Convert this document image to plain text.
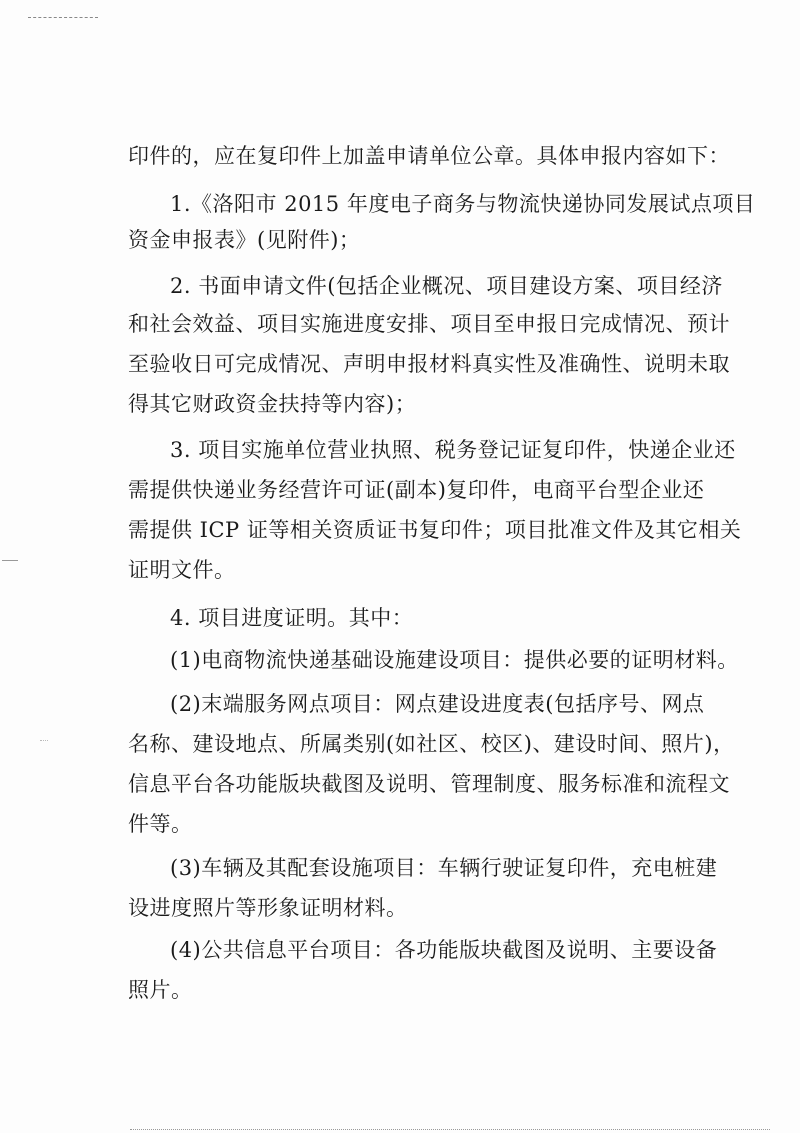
印件的，应在复印件上加盖申请单位公章。具体申报内容如下：

1.《洛阳市 2015 年度电子商务与物流快递协同发展试点项目

资金申报表》(见附件)；

2. 书面申请文件(包括企业概况、项目建设方案、项目经济

和社会效益、项目实施进度安排、项目至申报日完成情况、预计

至验收日可完成情况、声明申报材料真实性及准确性、说明未取

得其它财政资金扶持等内容)；

3. 项目实施单位营业执照、税务登记证复印件，快递企业还

需提供快递业务经营许可证(副本)复印件，电商平台型企业还

需提供 ICP 证等相关资质证书复印件；项目批准文件及其它相关

证明文件。

4. 项目进度证明。其中：

(1)电商物流快递基础设施建设项目：提供必要的证明材料。

(2)末端服务网点项目：网点建设进度表(包括序号、网点

名称、建设地点、所属类别(如社区、校区)、建设时间、照片)，

信息平台各功能版块截图及说明、管理制度、服务标准和流程文

件等。

(3)车辆及其配套设施项目：车辆行驶证复印件，充电桩建

设进度照片等形象证明材料。

(4)公共信息平台项目：各功能版块截图及说明、主要设备

照片。
